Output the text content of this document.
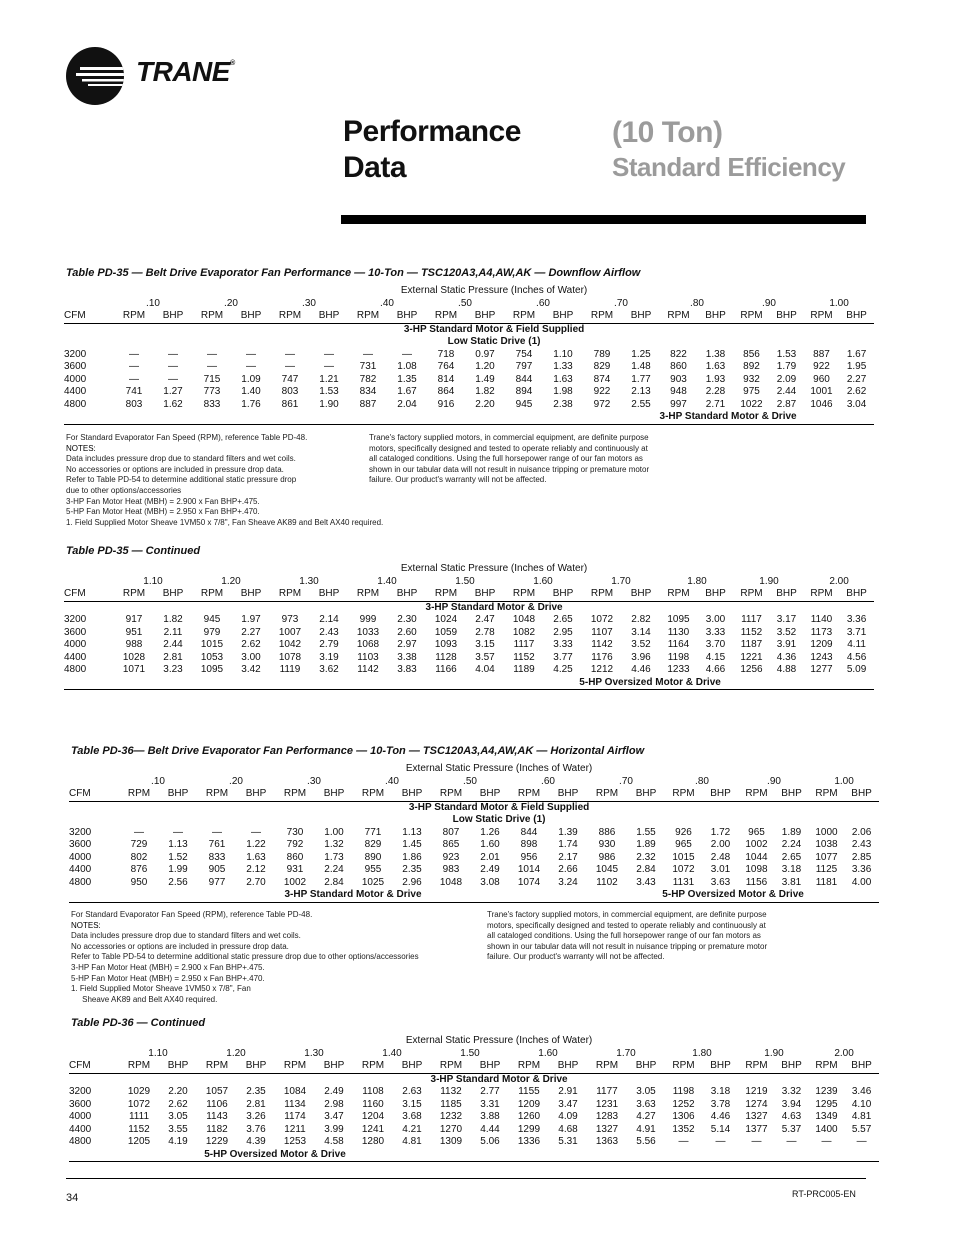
TRANE®
Performance
Data
(10 Ton)
Standard Efficiency
Table PD-35 — Belt Drive Evaporator Fan Performance — 10-Ton — TSC120A3,A4,AW,AK — Downflow Airflow
	External Static Pressure (Inches of Water)																			
	.10		.20		.30		.40		.50		.60		.70		.80		.90		1.00	
CFM	RPM	BHP	RPM	BHP	RPM	BHP	RPM	BHP	RPM	BHP	RPM	BHP	RPM	BHP	RPM	BHP	RPM	BHP	RPM	BHP
	3-HP Standard Motor & Field Supplied																			
	Low Static Drive (1)																			
3200	—	—	—	—	—	—	—	—	718	0.97	754	1.10	789	1.25	822	1.38	856	1.53	887	1.67
3600	—	—	—	—	—	—	731	1.08	764	1.20	797	1.33	829	1.48	860	1.63	892	1.79	922	1.95
4000	—	—	715	1.09	747	1.21	782	1.35	814	1.49	844	1.63	874	1.77	903	1.93	932	2.09	960	2.27
4400	741	1.27	773	1.40	803	1.53	834	1.67	864	1.82	894	1.98	922	2.13	948	2.28	975	2.44	1001	2.62
4800	803	1.62	833	1.76	861	1.90	887	2.04	916	2.20	945	2.38	972	2.55	997	2.71	1022	2.87	1046	3.04
													3-HP Standard Motor & Drive							
For Standard Evaporator Fan Speed (RPM), reference Table PD-48.
NOTES:
Data includes pressure drop due to standard filters and wet coils.
No accessories or options are included in pressure drop data.
Refer to Table PD-54 to determine additional static pressure drop
due to other options/accessories
3-HP Fan Motor Heat (MBH) = 2.900 x Fan BHP+.475.
5-HP Fan Motor Heat (MBH) = 2.950 x Fan BHP+.470.
1. Field Supplied Motor Sheave 1VM50 x 7/8", Fan Sheave AK89 and Belt AX40 required.
Trane's factory supplied motors, in commercial equipment, are definite purpose
motors, specifically designed and tested to operate reliably and continuously at
all cataloged conditions. Using the full horsepower range of our fan motors as
shown in our tabular data will not result in nuisance tripping or premature motor
failure. Our product's warranty will not be affected.
Table PD-35 — Continued
	External Static Pressure (Inches of Water)																			
	1.10		1.20		1.30		1.40		1.50		1.60		1.70		1.80		1.90		2.00	
CFM	RPM	BHP	RPM	BHP	RPM	BHP	RPM	BHP	RPM	BHP	RPM	BHP	RPM	BHP	RPM	BHP	RPM	BHP	RPM	BHP
	3-HP Standard Motor & Drive																			
3200	917	1.82	945	1.97	973	2.14	999	2.30	1024	2.47	1048	2.65	1072	2.82	1095	3.00	1117	3.17	1140	3.36
3600	951	2.11	979	2.27	1007	2.43	1033	2.60	1059	2.78	1082	2.95	1107	3.14	1130	3.33	1152	3.52	1173	3.71
4000	988	2.44	1015	2.62	1042	2.79	1068	2.97	1093	3.15	1117	3.33	1142	3.52	1164	3.70	1187	3.91	1209	4.11
4400	1028	2.81	1053	3.00	1078	3.19	1103	3.38	1128	3.57	1152	3.77	1176	3.96	1198	4.15	1221	4.36	1243	4.56
4800	1071	3.23	1095	3.42	1119	3.62	1142	3.83	1166	4.04	1189	4.25	1212	4.46	1233	4.66	1256	4.88	1277	5.09
									5-HP Oversized Motor & Drive											
Table PD-36— Belt Drive Evaporator Fan Performance — 10-Ton — TSC120A3,A4,AW,AK — Horizontal Airflow
	External Static Pressure (Inches of Water)																			
	.10		.20		.30		.40		.50		.60		.70		.80		.90		1.00	
CFM	RPM	BHP	RPM	BHP	RPM	BHP	RPM	BHP	RPM	BHP	RPM	BHP	RPM	BHP	RPM	BHP	RPM	BHP	RPM	BHP
	3-HP Standard Motor & Field Supplied																			
	Low Static Drive (1)																			
3200	—	—	—	—	730	1.00	771	1.13	807	1.26	844	1.39	886	1.55	926	1.72	965	1.89	1000	2.06
3600	729	1.13	761	1.22	792	1.32	829	1.45	865	1.60	898	1.74	930	1.89	965	2.00	1002	2.24	1038	2.43
4000	802	1.52	833	1.63	860	1.73	890	1.86	923	2.01	956	2.17	986	2.32	1015	2.48	1044	2.65	1077	2.85
4400	876	1.99	905	2.12	931	2.24	955	2.35	983	2.49	1014	2.66	1045	2.84	1072	3.01	1098	3.18	1125	3.36
4800	950	2.56	977	2.70	1002	2.84	1025	2.96	1048	3.08	1074	3.24	1102	3.43	1131	3.63	1156	3.81	1181	4.00
	3-HP Standard Motor & Drive												5-HP Oversized Motor & Drive							
For Standard Evaporator Fan Speed (RPM), reference Table PD-48.
NOTES:
Data includes pressure drop due to standard filters and wet coils.
No accessories or options are included in pressure drop data.
Refer to Table PD-54 to determine additional static pressure drop due to other options/accessories
3-HP Fan Motor Heat (MBH) = 2.900 x Fan BHP+.475.
5-HP Fan Motor Heat (MBH) = 2.950 x Fan BHP+.470.
1. Field Supplied Motor Sheave 1VM50 x 7/8", Fan
Sheave AK89 and Belt AX40 required.
Trane's factory supplied motors, in commercial equipment, are definite purpose
motors, specifically designed and tested to operate reliably and continuously at
all cataloged conditions. Using the full horsepower range of our fan motors as
shown in our tabular data will not result in nuisance tripping or premature motor
failure. Our product's warranty will not be affected.
Table PD-36 — Continued
	External Static Pressure (Inches of Water)																			
	1.10		1.20		1.30		1.40		1.50		1.60		1.70		1.80		1.90		2.00	
CFM	RPM	BHP	RPM	BHP	RPM	BHP	RPM	BHP	RPM	BHP	RPM	BHP	RPM	BHP	RPM	BHP	RPM	BHP	RPM	BHP
	3-HP Standard Motor & Drive																			
3200	1029	2.20	1057	2.35	1084	2.49	1108	2.63	1132	2.77	1155	2.91	1177	3.05	1198	3.18	1219	3.32	1239	3.46
3600	1072	2.62	1106	2.81	1134	2.98	1160	3.15	1185	3.31	1209	3.47	1231	3.63	1252	3.78	1274	3.94	1295	4.10
4000	1111	3.05	1143	3.26	1174	3.47	1204	3.68	1232	3.88	1260	4.09	1283	4.27	1306	4.46	1327	4.63	1349	4.81
4400	1152	3.55	1182	3.76	1211	3.99	1241	4.21	1270	4.44	1299	4.68	1327	4.91	1352	5.14	1377	5.37	1400	5.57
4800	1205	4.19	1229	4.39	1253	4.58	1280	4.81	1309	5.06	1336	5.31	1363	5.56	—	—	—	—	—	—
	5-HP Oversized Motor & Drive																			
34	RT-PRC005-EN
